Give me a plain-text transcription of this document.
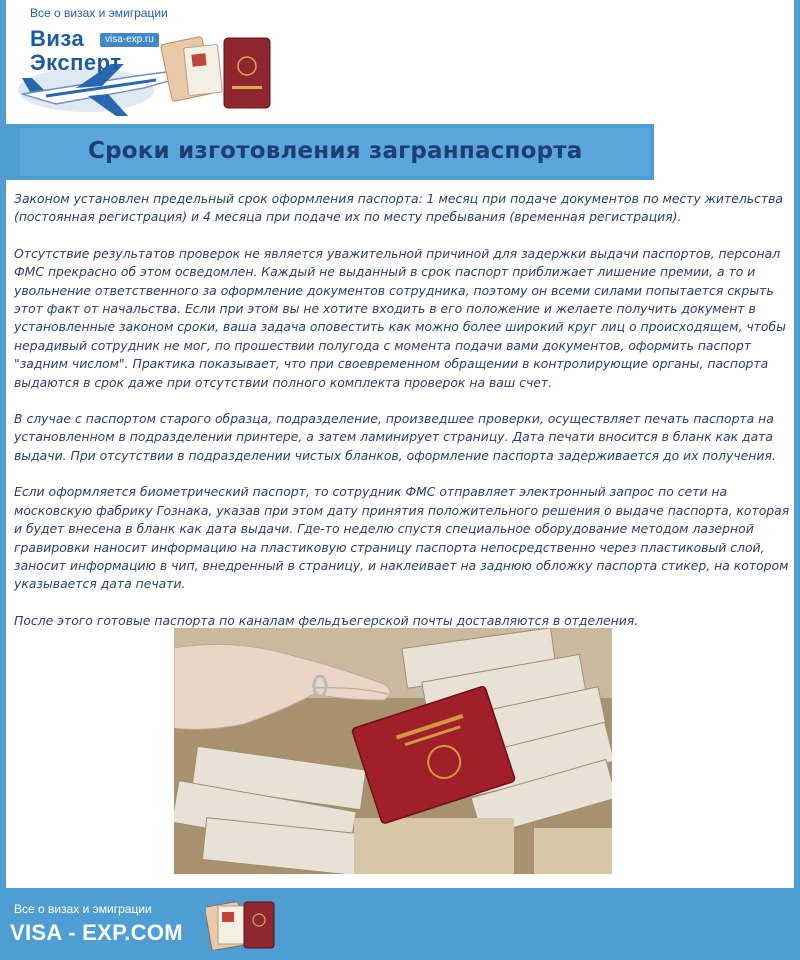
Все о визах и эмиграции
Виза
Эксперт
visa-exp.ru
Сроки изготовления загранпаспорта

Законом установлен предельный срок оформления паспорта: 1 месяц при подаче документов по месту жительства (постоянная регистрация) и 4 месяца при подаче их по месту пребывания (временная регистрация).

Отсутствие результатов проверок не является уважительной причиной для задержки выдачи паспортов, персонал ФМС прекрасно об этом осведомлен. Каждый не выданный в срок паспорт приближает лишение премии, а то и увольнение ответственного за оформление документов сотрудника, поэтому он всеми силами попытается скрыть этот факт от начальства. Если при этом вы не хотите входить в его положение и желаете получить документ в установленные законом сроки, ваша задача оповестить как можно более широкий круг лиц о происходящем, чтобы нерадивый сотрудник не мог, по прошествии полугода с момента подачи вами документов, оформить паспорт "задним числом". Практика показывает, что при своевременном обращении в контролирующие органы, паспорта выдаются в срок даже при отсутствии полного комплекта проверок на ваш счет.

В случае с паспортом старого образца, подразделение, произведшее проверки, осуществляет печать паспорта на установленном в подразделении принтере, а затем ламинирует страницу. Дата печати вносится в бланк как дата выдачи. При отсутствии в подразделении чистых бланков, оформление паспорта задерживается до их получения.

Если оформляется биометрический паспорт, то сотрудник ФМС отправляет электронный запрос по сети на московскую фабрику Гознака, указав при этом дату принятия положительного решения о выдаче паспорта, которая и будет внесена в бланк как дата выдачи. Где-то неделю спустя специальное оборудование методом лазерной гравировки наносит информацию на пластиковую страницу паспорта непосредственно через пластиковый слой, заносит информацию в чип, внедренный в страницу, и наклеивает на заднюю обложку паспорта стикер, на котором указывается дата печати.

После этого готовые паспорта по каналам фельдъегерской почты доставляются в отделения.

Все о визах и эмиграции
VISA - EXP.COM
